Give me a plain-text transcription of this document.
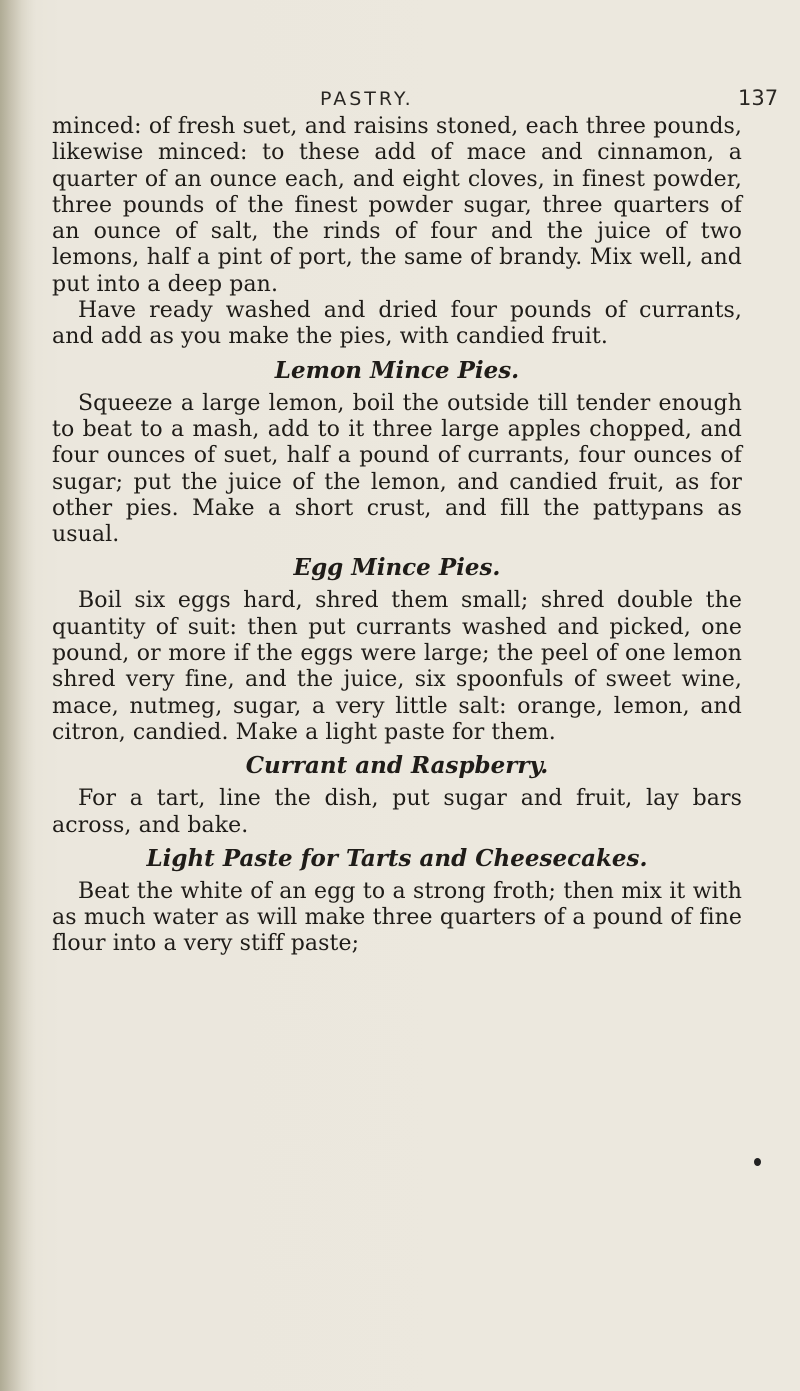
PASTRY.	137

minced: of fresh suet, and raisins stoned, each three pounds, likewise minced: to these add of mace and cinnamon, a quarter of an ounce each, and eight cloves, in finest powder, three pounds of the finest powder sugar, three quarters of an ounce of salt, the rinds of four and the juice of two lemons, half a pint of port, the same of brandy. Mix well, and put into a deep pan.

Have ready washed and dried four pounds of currants, and add as you make the pies, with candied fruit.

Lemon Mince Pies.

Squeeze a large lemon, boil the outside till tender enough to beat to a mash, add to it three large apples chopped, and four ounces of suet, half a pound of currants, four ounces of sugar; put the juice of the lemon, and candied fruit, as for other pies. Make a short crust, and fill the pattypans as usual.

Egg Mince Pies.

Boil six eggs hard, shred them small; shred double the quantity of suit: then put currants washed and picked, one pound, or more if the eggs were large; the peel of one lemon shred very fine, and the juice, six spoonfuls of sweet wine, mace, nutmeg, sugar, a very little salt: orange, lemon, and citron, candied. Make a light paste for them.

Currant and Raspberry.

For a tart, line the dish, put sugar and fruit, lay bars across, and bake.

Light Paste for Tarts and Cheesecakes.

Beat the white of an egg to a strong froth; then mix it with as much water as will make three quarters of a pound of fine flour into a very stiff paste;
